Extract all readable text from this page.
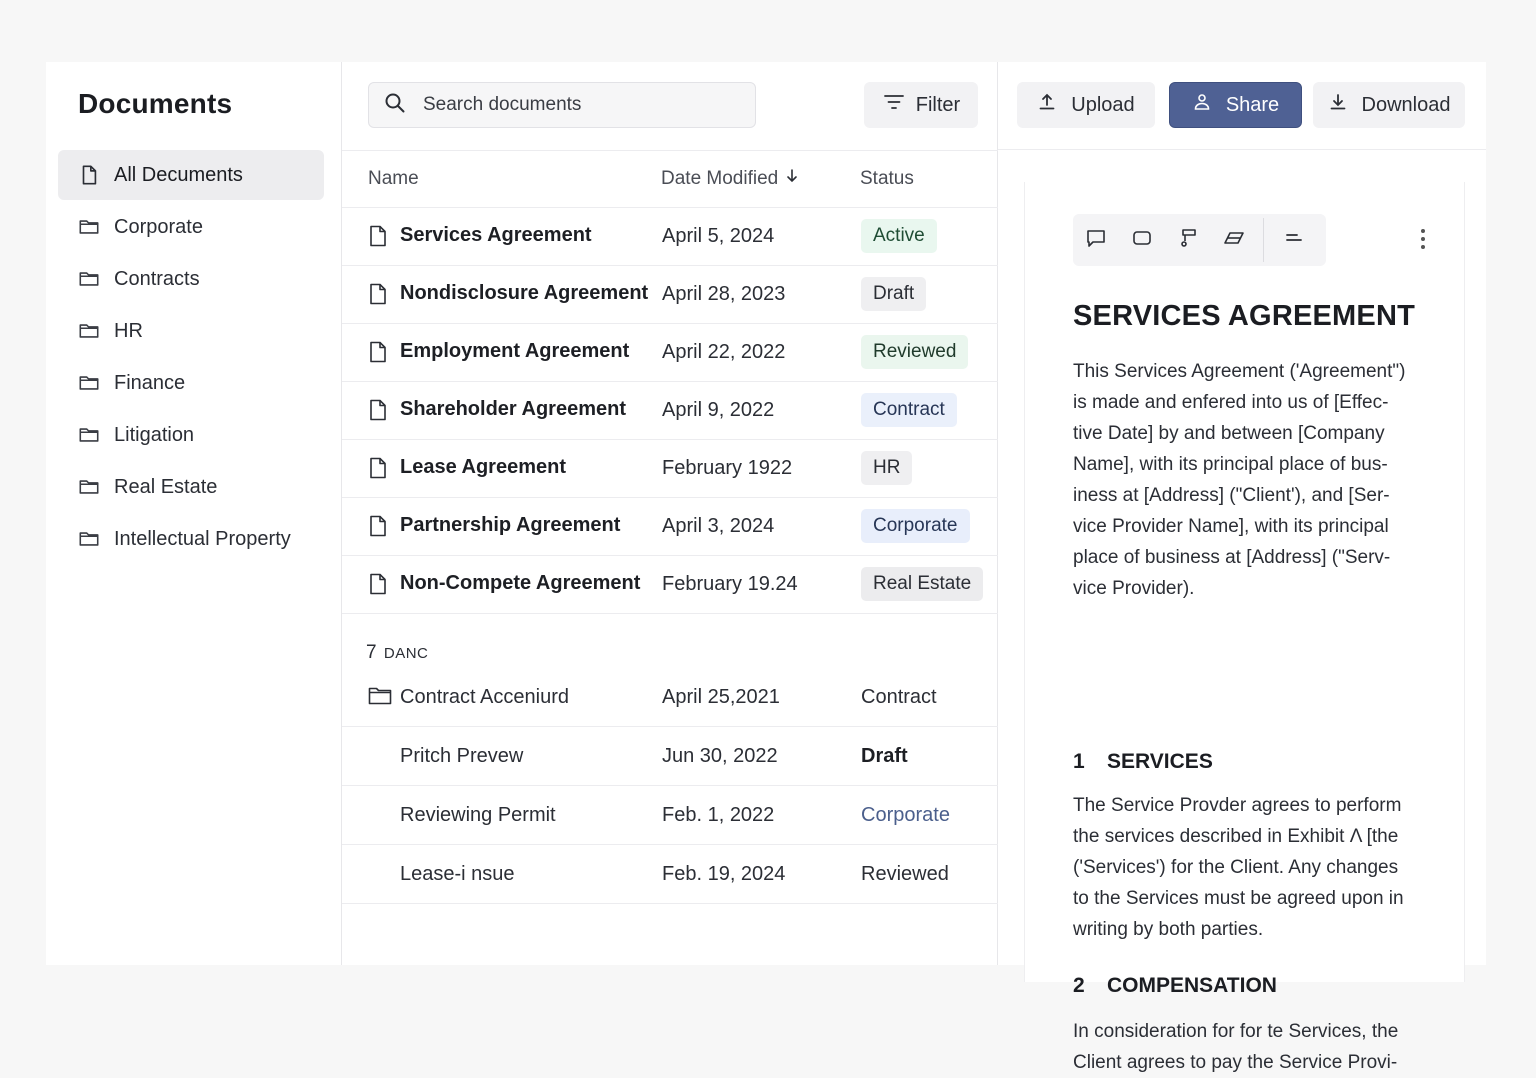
Documents
All Decuments
Corporate
Contracts
HR
Finance
Litigation
Real Estate
Intellectual Property
Search documents
Filter
Name	Date Modified	Status
Services Agreement	April 5, 2024	Active
Nondisclosure Agreement April 28, 2023	Draft
Employment Agreement April 22, 2022	Reviewed
Shareholder Agreement April 9, 2022	Contract
Lease Agreement	February 1922	HR
Partnership Agreement April 3, 2024	Corporate
Non-Compete Agreement February 19.24	Real Estate
7 DANC
Contract Acceniurd	April 25,2021	Contract
Pritch Prevew	Jun 30, 2022	Draft
Reviewing Permit	Feb. 1, 2022	Corporate
Lease-i nsue	Feb. 19, 2024	Reviewed
Upload	Share	Download
SERVICES AGREEMENT
This Services Agreement ('Agreement")
is made and enfered into us of [Effec-
tive Date] by and between [Company
Name], with its principal place of bus-
iness at [Address] ("Client'), and [Ser-
vice Provider Name], with its principal
place of business at [Address] ("Serv-
vice Provider).
1 SERVICES
The Service Provder agrees to perform
the services described in Exhibit Λ [the
('Services') for the Client. Any changes
to the Services must be agreed upon in
writing by both parties.
2 COMPENSATION
In consideration for for te Services, the
Client agrees to pay the Service Provi-
